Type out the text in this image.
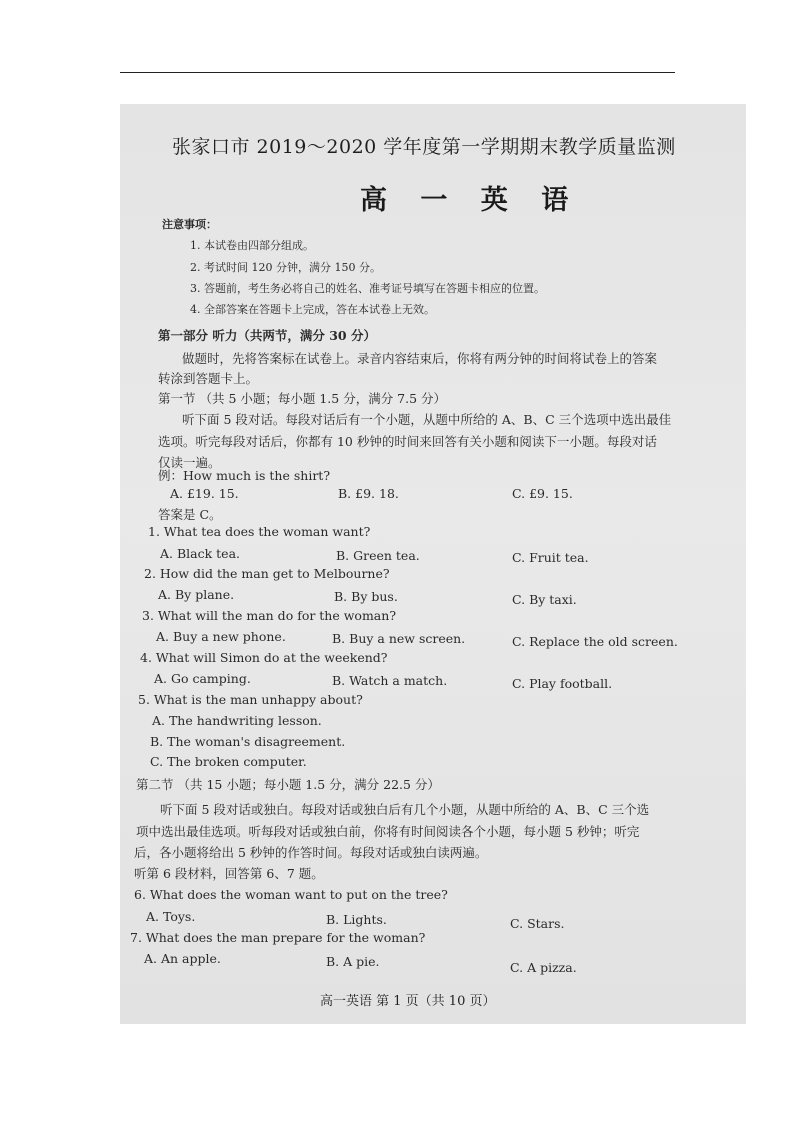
张家口市 2019～2020 学年度第一学期期末教学质量监测
高 一 英 语
注意事项：
1. 本试卷由四部分组成。
2. 考试时间 120 分钟，满分 150 分。
3. 答题前，考生务必将自己的姓名、准考证号填写在答题卡相应的位置。
4. 全部答案在答题卡上完成，答在本试卷上无效。
第一部分 听力（共两节，满分 30 分）
做题时，先将答案标在试卷上。录音内容结束后，你将有两分钟的时间将试卷上的答案
转涂到答题卡上。
第一节 （共 5 小题；每小题 1.5 分，满分 7.5 分）
听下面 5 段对话。每段对话后有一个小题，从题中所给的 A、B、C 三个选项中选出最佳
选项。听完每段对话后，你都有 10 秒钟的时间来回答有关小题和阅读下一小题。每段对话
仅读一遍。
例：How much is the shirt?
A. £19. 15.	B. £9. 18.	C. £9. 15.
答案是 C。
1. What tea does the woman want?
A. Black tea.	B. Green tea.	C. Fruit tea.
2. How did the man get to Melbourne?
A. By plane.	B. By bus.	C. By taxi.
3. What will the man do for the woman?
A. Buy a new phone.	B. Buy a new screen.	C. Replace the old screen.
4. What will Simon do at the weekend?
A. Go camping.	B. Watch a match.	C. Play football.
5. What is the man unhappy about?
A. The handwriting lesson.
B. The woman's disagreement.
C. The broken computer.
第二节 （共 15 小题；每小题 1.5 分，满分 22.5 分）
听下面 5 段对话或独白。每段对话或独白后有几个小题，从题中所给的 A、B、C 三个选
项中选出最佳选项。听每段对话或独白前，你将有时间阅读各个小题，每小题 5 秒钟；听完
后，各小题将给出 5 秒钟的作答时间。每段对话或独白读两遍。
听第 6 段材料，回答第 6、7 题。
6. What does the woman want to put on the tree?
A. Toys.	B. Lights.	C. Stars.
7. What does the man prepare for the woman?
A. An apple.	B. A pie.	C. A pizza.
高一英语 第 1 页（共 10 页）
